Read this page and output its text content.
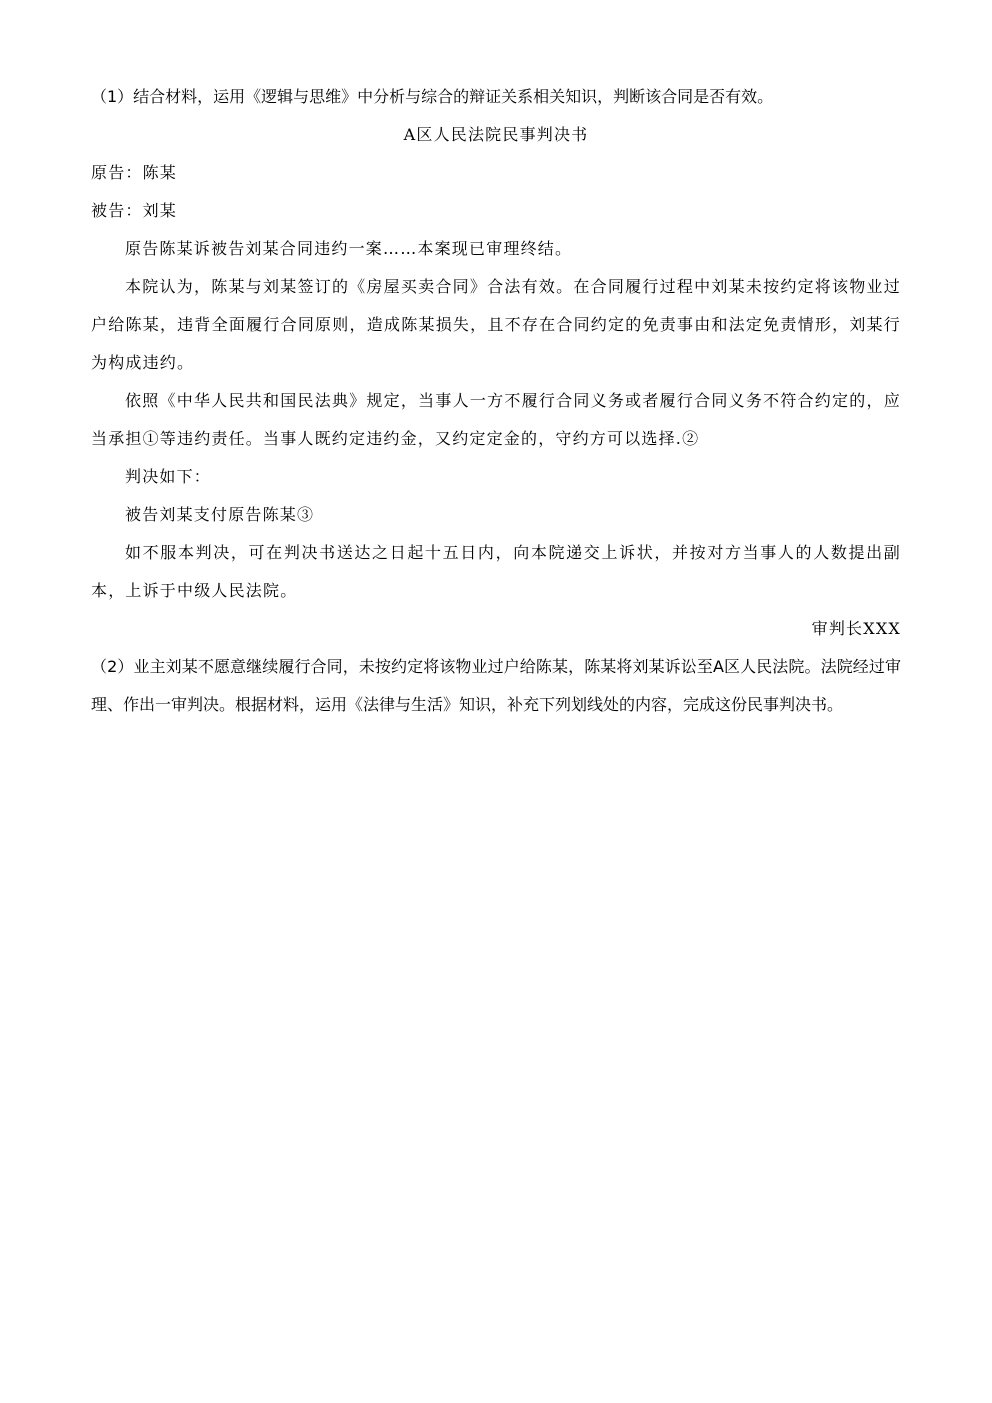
（1）结合材料，运用《逻辑与思维》中分析与综合的辩证关系相关知识，判断该合同是否有效。

A区人民法院民事判决书

原告：陈某

被告：刘某

原告陈某诉被告刘某合同违约一案……本案现已审理终结。

本院认为，陈某与刘某签订的《房屋买卖合同》合法有效。在合同履行过程中刘某未按约定将该物业过户给陈某，违背全面履行合同原则，造成陈某损失，且不存在合同约定的免责事由和法定免责情形，刘某行为构成违约。

依照《中华人民共和国民法典》规定，当事人一方不履行合同义务或者履行合同义务不符合约定的，应当承担①等违约责任。当事人既约定违约金，又约定定金的，守约方可以选择.②

判决如下：

被告刘某支付原告陈某③

如不服本判决，可在判决书送达之日起十五日内，向本院递交上诉状，并按对方当事人的人数提出副本，上诉于中级人民法院。

审判长XXX

（2）业主刘某不愿意继续履行合同，未按约定将该物业过户给陈某，陈某将刘某诉讼至A区人民法院。法院经过审理、作出一审判决。根据材料，运用《法律与生活》知识，补充下列划线处的内容，完成这份民事判决书。
